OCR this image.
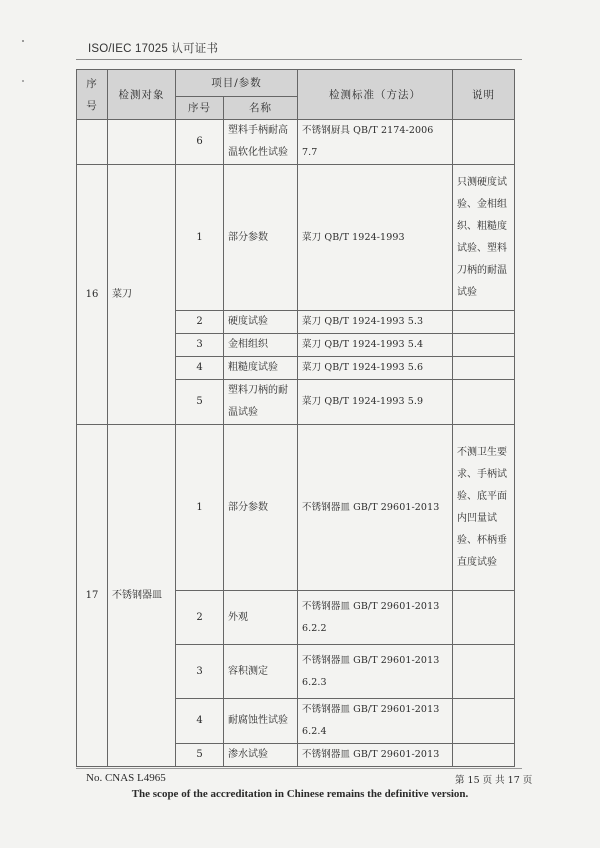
ISO/IEC 17025 认可证书
序号	检测对象	项目/参数		检测标准（方法）	说明
		序号	名称		
		6	塑料手柄耐高温软化性试验	不锈钢厨具 QB/T 2174-2006 7.7	
16	菜刀	1	部分参数	菜刀 QB/T 1924-1993	只测硬度试验、金相组织、粗糙度试验、塑料刀柄的耐温试验
		2	硬度试验	菜刀 QB/T 1924-1993 5.3	
		3	金相组织	菜刀 QB/T 1924-1993 5.4	
		4	粗糙度试验	菜刀 QB/T 1924-1993 5.6	
		5	塑料刀柄的耐温试验	菜刀 QB/T 1924-1993 5.9	
17	不锈钢器皿	1	部分参数	不锈钢器皿 GB/T 29601-2013	不测卫生要求、手柄试验、底平面内凹量试验、杯柄垂直度试验
		2	外观	不锈钢器皿 GB/T 29601-2013 6.2.2	
		3	容积测定	不锈钢器皿 GB/T 29601-2013 6.2.3	
		4	耐腐蚀性试验	不锈钢器皿 GB/T 29601-2013 6.2.4	
		5	渗水试验	不锈钢器皿 GB/T 29601-2013	
No. CNAS L4965	第 15 页 共 17 页
The scope of the accreditation in Chinese remains the definitive version.
